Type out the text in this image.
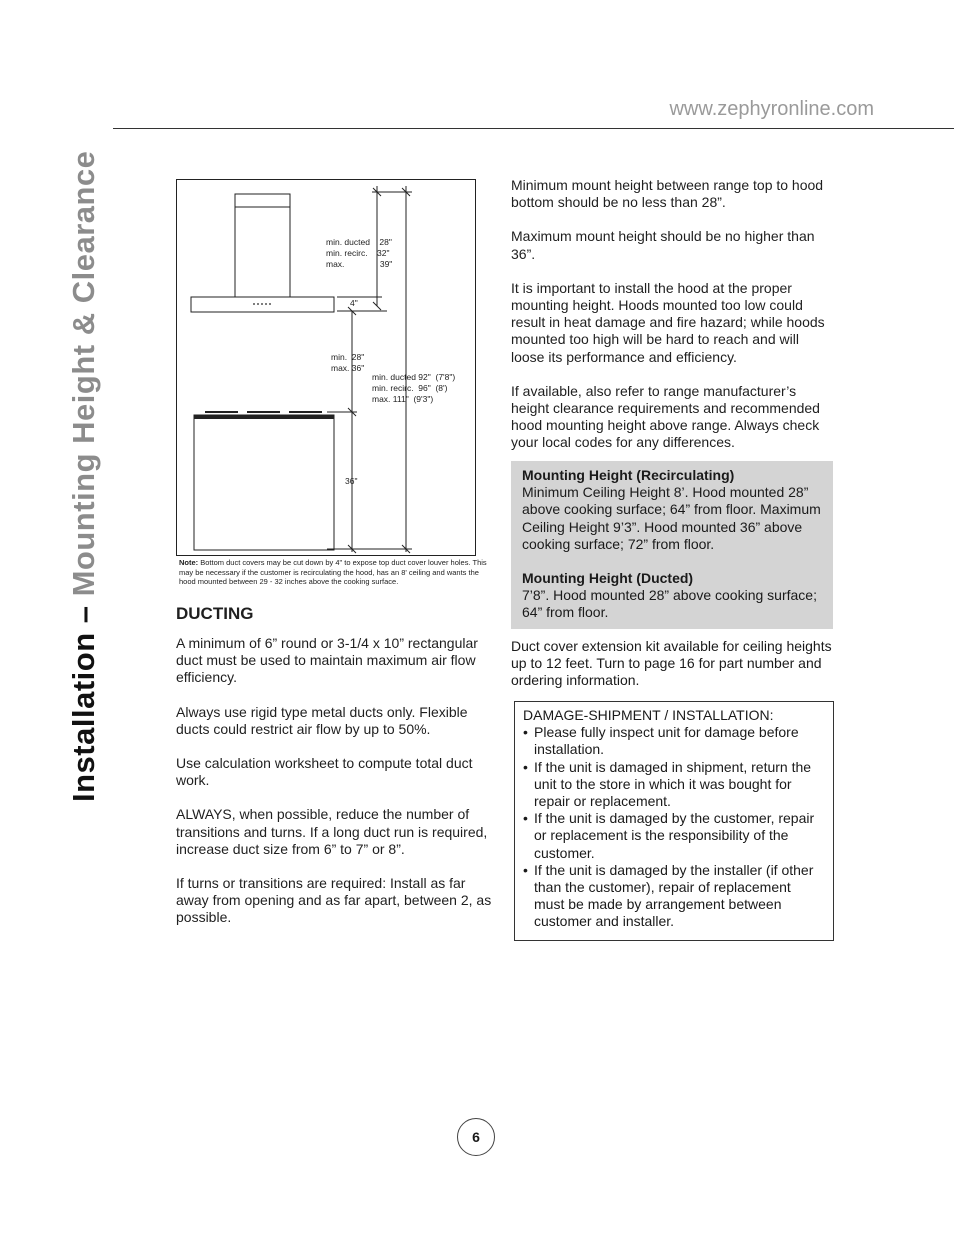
www.zephyronline.com
Installation – Mounting Height & Clearance	min. ducted    28"
min. recirc.    32"
max.               39"
4"
min.  28"
max. 36"
min. ducted 92"  (7'8")
min. recirc.  96"  (8')
max. 111"  (9'3")
36"
Note: Bottom duct covers may be cut down by 4" to expose top duct cover louver holes. This may be necessary if the customer is recirculating the hood, has an 8' ceiling and wants the hood mounted between 29 - 32 inches above the cooking surface.
DUCTING

A minimum of 6” round or 3-1/4 x 10” rectangular duct must be used to maintain maximum air flow efficiency.

Always use rigid type metal ducts only. Flexible ducts could restrict air flow by up to 50%.

Use calculation worksheet to compute total duct work.

ALWAYS, when possible, reduce the number of transitions and turns. If a long duct run is required, increase duct size from 6” to 7” or 8”.

If turns or transitions are required: Install as far away from opening and as far apart, between 2, as possible.

Minimum mount height between range top to hood bottom should be no less than 28”.

Maximum mount height should be no higher than 36”.

It is important to install the hood at the proper mounting height. Hoods mounted too low could result in heat damage and fire hazard; while hoods mounted too high will be hard to reach and will loose its performance and efficiency.

If available, also refer to range manufacturer’s height clearance requirements and recommended hood mounting height above range. Always check your local codes for any differences.

Mounting Height (Recirculating)
Minimum Ceiling Height 8’. Hood mounted 28” above cooking surface; 64” from floor. Maximum Ceiling Height 9’3”. Hood mounted 36” above cooking surface; 72” from floor.
Mounting Height (Ducted)
7’8”. Hood mounted 28” above cooking surface; 64” from floor.
Duct cover extension kit available for ceiling heights up to 12 feet. Turn to page 16 for part number and ordering information.
DAMAGE-SHIPMENT / INSTALLATION:
• Please fully inspect unit for damage before installation.
• If the unit is damaged in shipment, return the unit to the store in which it was bought for repair or replacement.
• If the unit is damaged by the customer, repair or replacement is the responsibility of the customer.
• If the unit is damaged by the installer (if other than the customer), repair of replacement must be made by arrangement between customer and installer.
6
